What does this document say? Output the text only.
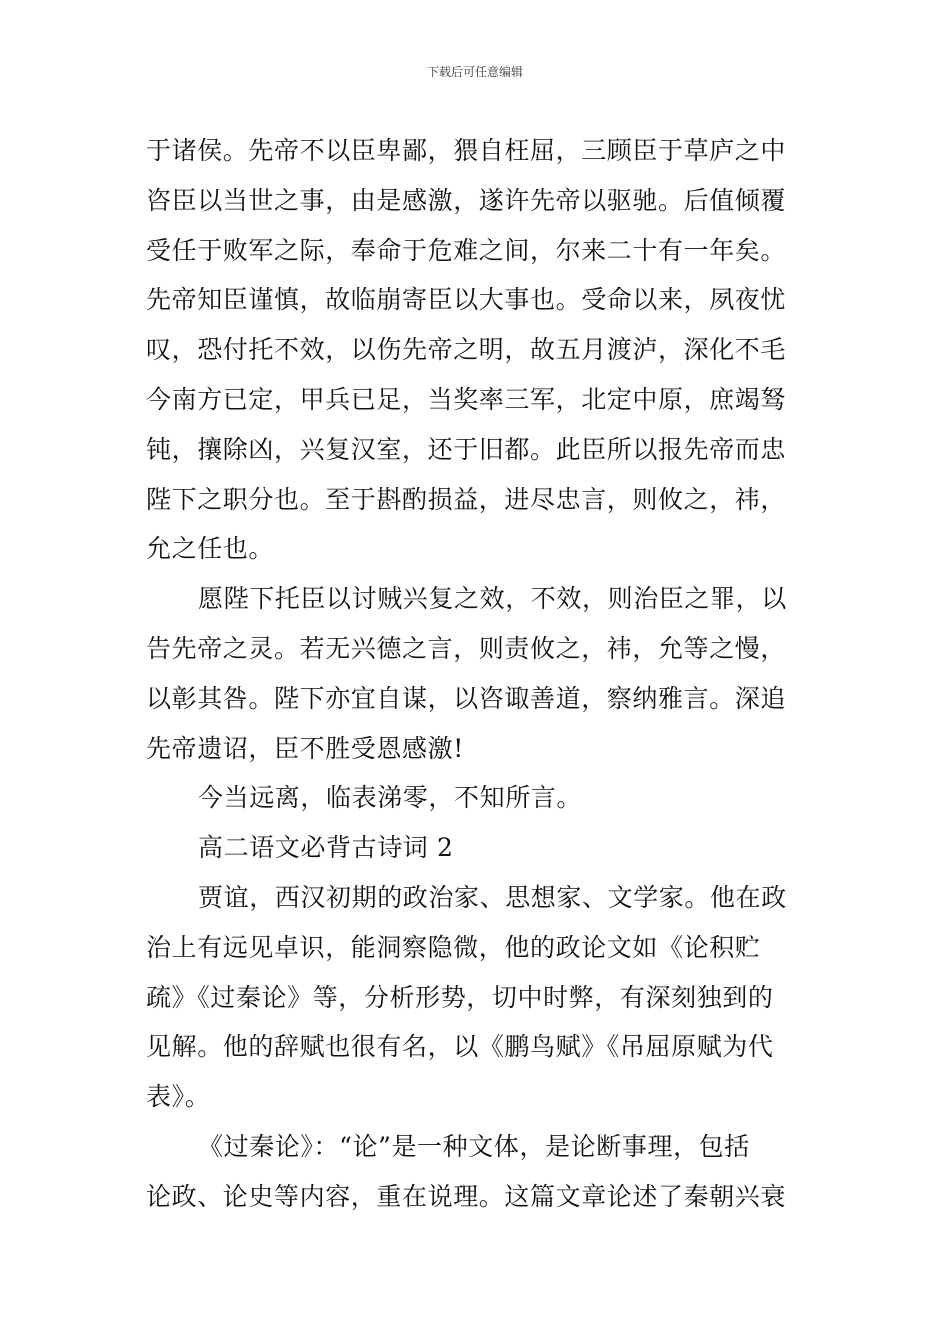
下载后可任意编辑
于诸侯。先帝不以臣卑鄙，猥自枉屈，三顾臣于草庐之中
咨臣以当世之事，由是感激，遂许先帝以驱驰。后值倾覆
受任于败军之际，奉命于危难之间，尔来二十有一年矣。
先帝知臣谨慎，故临崩寄臣以大事也。受命以来，夙夜忧
叹，恐付托不效，以伤先帝之明，故五月渡泸，深化不毛
今南方已定，甲兵已足，当奖率三军，北定中原，庶竭驽
钝，攘除凶，兴复汉室，还于旧都。此臣所以报先帝而忠
陛下之职分也。至于斟酌损益，进尽忠言，则攸之，祎，
允之任也。
愿陛下托臣以讨贼兴复之效，不效，则治臣之罪，以
告先帝之灵。若无兴德之言，则责攸之，祎，允等之慢，
以彰其咎。陛下亦宜自谋，以咨诹善道，察纳雅言。深追
先帝遗诏，臣不胜受恩感激!
今当远离，临表涕零，不知所言。
高二语文必背古诗词 2
贾谊，西汉初期的政治家、思想家、文学家。他在政
治上有远见卓识，能洞察隐微，他的政论文如《论积贮
疏》《过秦论》等，分析形势，切中时弊，有深刻独到的
见解。他的辞赋也很有名，以《鹏鸟赋》《吊屈原赋为代
表》。
《过秦论》：“论”是一种文体，是论断事理，包括
论政、论史等内容，重在说理。这篇文章论述了秦朝兴衰
